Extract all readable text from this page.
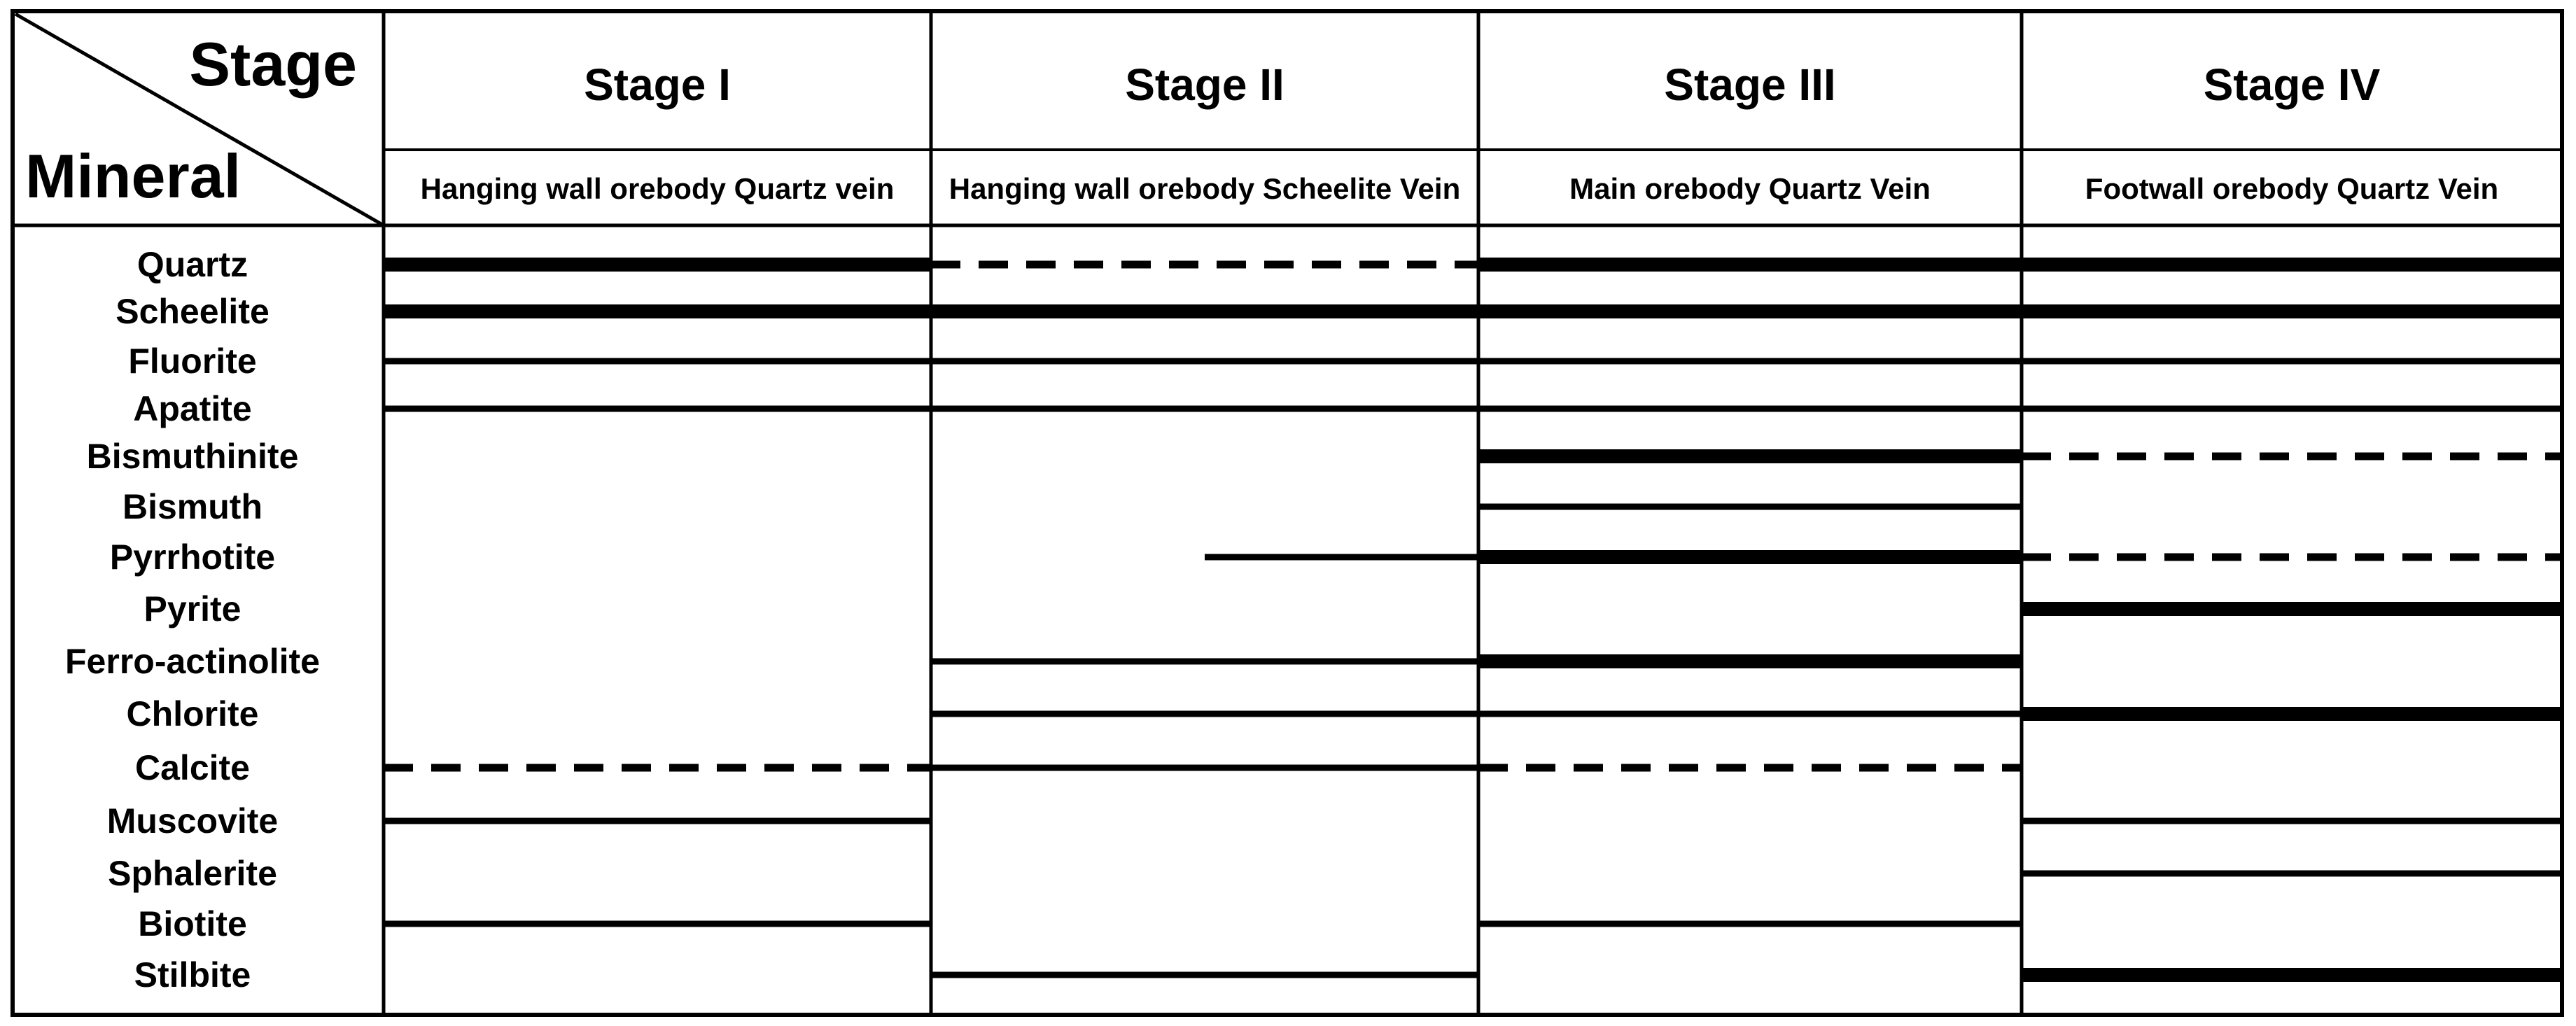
Stage
Mineral
Stage I
Hanging wall orebody Quartz vein
Stage II
Hanging wall orebody Scheelite Vein
Stage III
Main orebody Quartz Vein
Stage IV
Footwall orebody Quartz Vein
Quartz
Scheelite
Fluorite
Apatite
Bismuthinite
Bismuth
Pyrrhotite
Pyrite
Ferro-actinolite
Chlorite
Calcite
Muscovite
Sphalerite
Biotite
Stilbite
